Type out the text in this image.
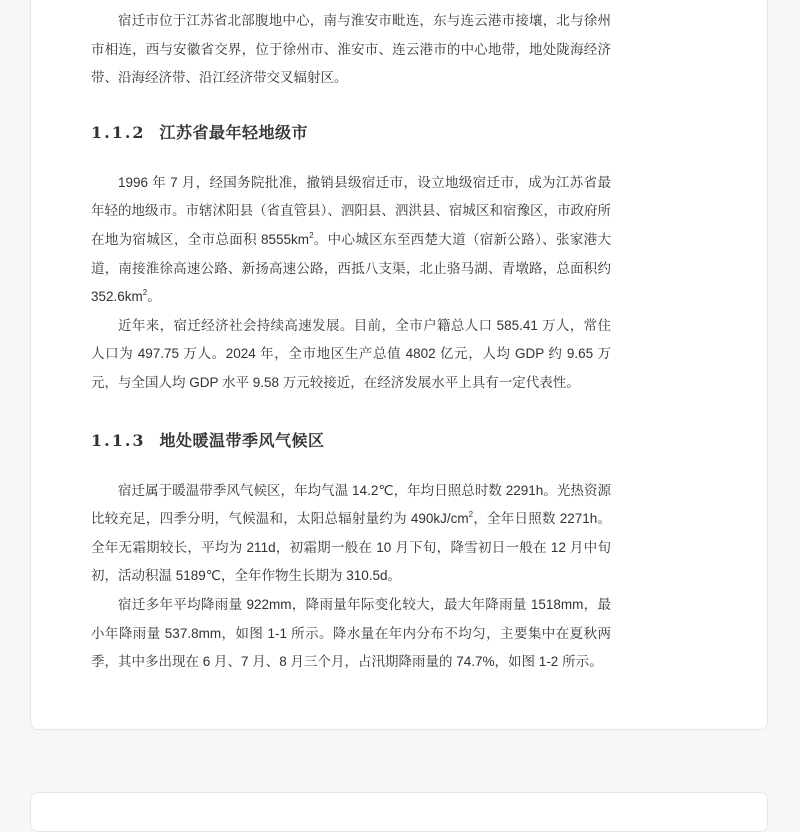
宿迁市位于江苏省北部腹地中心，南与淮安市毗连，东与连云港市接壤，北与徐州市相连，西与安徽省交界，位于徐州市、淮安市、连云港市的中心地带，地处陇海经济带、沿海经济带、沿江经济带交叉辐射区。

1.1.2 江苏省最年轻地级市

1996 年 7 月，经国务院批准，撤销县级宿迁市，设立地级宿迁市，成为江苏省最年轻的地级市。市辖沭阳县（省直管县）、泗阳县、泗洪县、宿城区和宿豫区，市政府所在地为宿城区，全市总面积 $8555km^2$。中心城区东至西楚大道（宿新公路）、张家港大道，南接淮徐高速公路、新扬高速公路，西抵八支渠，北止骆马湖、青墩路，总面积约 $352.6km^2$。

近年来，宿迁经济社会持续高速发展。目前，全市户籍总人口 585.41 万人，常住人口为 497.75 万人。2024 年，全市地区生产总值 4802 亿元，人均 GDP 约 9.65 万元，与全国人均 GDP 水平 9.58 万元较接近，在经济发展水平上具有一定代表性。

1.1.3 地处暖温带季风气候区

宿迁属于暖温带季风气候区，年均气温 14.2℃，年均日照总时数 2291h。光热资源比较充足，四季分明，气候温和，太阳总辐射量约为 $490kJ/cm^2$，全年日照数 2271h。全年无霜期较长，平均为 211d，初霜期一般在 10 月下旬，降雪初日一般在 12 月中旬初，活动积温 5189℃，全年作物生长期为 310.5d。

宿迁多年平均降雨量 922mm，降雨量年际变化较大，最大年降雨量 1518mm，最小年降雨量 537.8mm，如图 1-1 所示。降水量在年内分布不均匀，主要集中在夏秋两季，其中多出现在 6 月、7 月、8 月三个月，占汛期降雨量的 74.7%，如图 1-2 所示。
